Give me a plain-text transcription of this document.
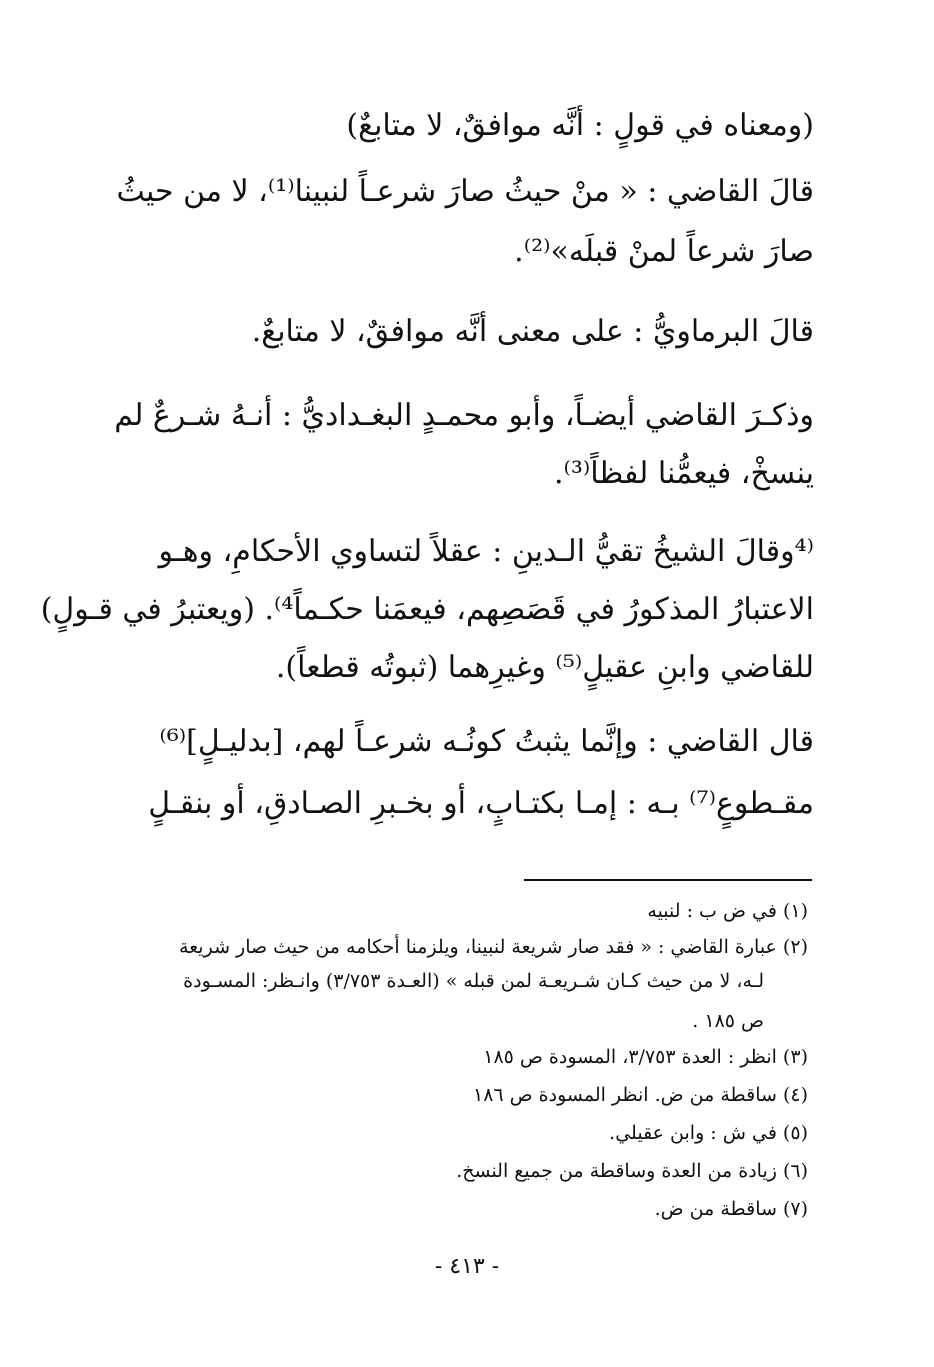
(ومعناه في قولٍ : أنَّه موافقٌ، لا متابعٌ)
قالَ القاضي : « منْ حيثُ صارَ شرعـاً لنبينا⁽¹⁾، لا من حيثُ
صارَ شرعاً لمنْ قبلَه»⁽²⁾.
قالَ البرماويُّ : على معنى أنَّه موافقٌ، لا متابعٌ.
وذكـرَ القاضي أيضـاً، وأبو محمـدٍ البغـداديُّ : أنـهُ شـرعٌ لم
ينسخْ، فيعمُّنا لفظاً⁽³⁾.
⁽⁴وقالَ الشيخُ تقيُّ الـدينِ : عقلاً لتساوي الأحكامِ، وهـو
الاعتبارُ المذكورُ في قَصَصِهم، فيعمَنا حكـماً⁴⁾. (ويعتبرُ في قـولٍ)
للقاضي وابنِ عقيلٍ⁽⁵⁾ وغيرِهما (ثبوتُه قطعاً).
قال القاضي : وإنَّما يثبتُ كونُـه شرعـاً لهم، [بدليـلٍ]⁽⁶⁾
مقـطوعٍ⁽⁷⁾ بـه : إمـا بكتـابٍ، أو بخـبرِ الصـادقِ، أو بنقـلٍ
(١) في ض ب : لنبيه
(٢) عبارة القاضي : « فقد صار شريعة لنبينا، ويلزمنا أحكامه من حيث صار شريعة
لـه، لا من حيث كـان شـريعـة لمن قبله » (العـدة ٣/٧٥٣) وانـظر: المسـودة
ص ١٨٥ .
(٣) انظر : العدة ٣/٧٥٣، المسودة ص ١٨٥
(٤) ساقطة من ض. انظر المسودة ص ١٨٦
(٥) في ش : وابن عقيلي.
(٦) زيادة من العدة وساقطة من جميع النسخ.
(٧) ساقطة من ض.
- ٤١٣ -
